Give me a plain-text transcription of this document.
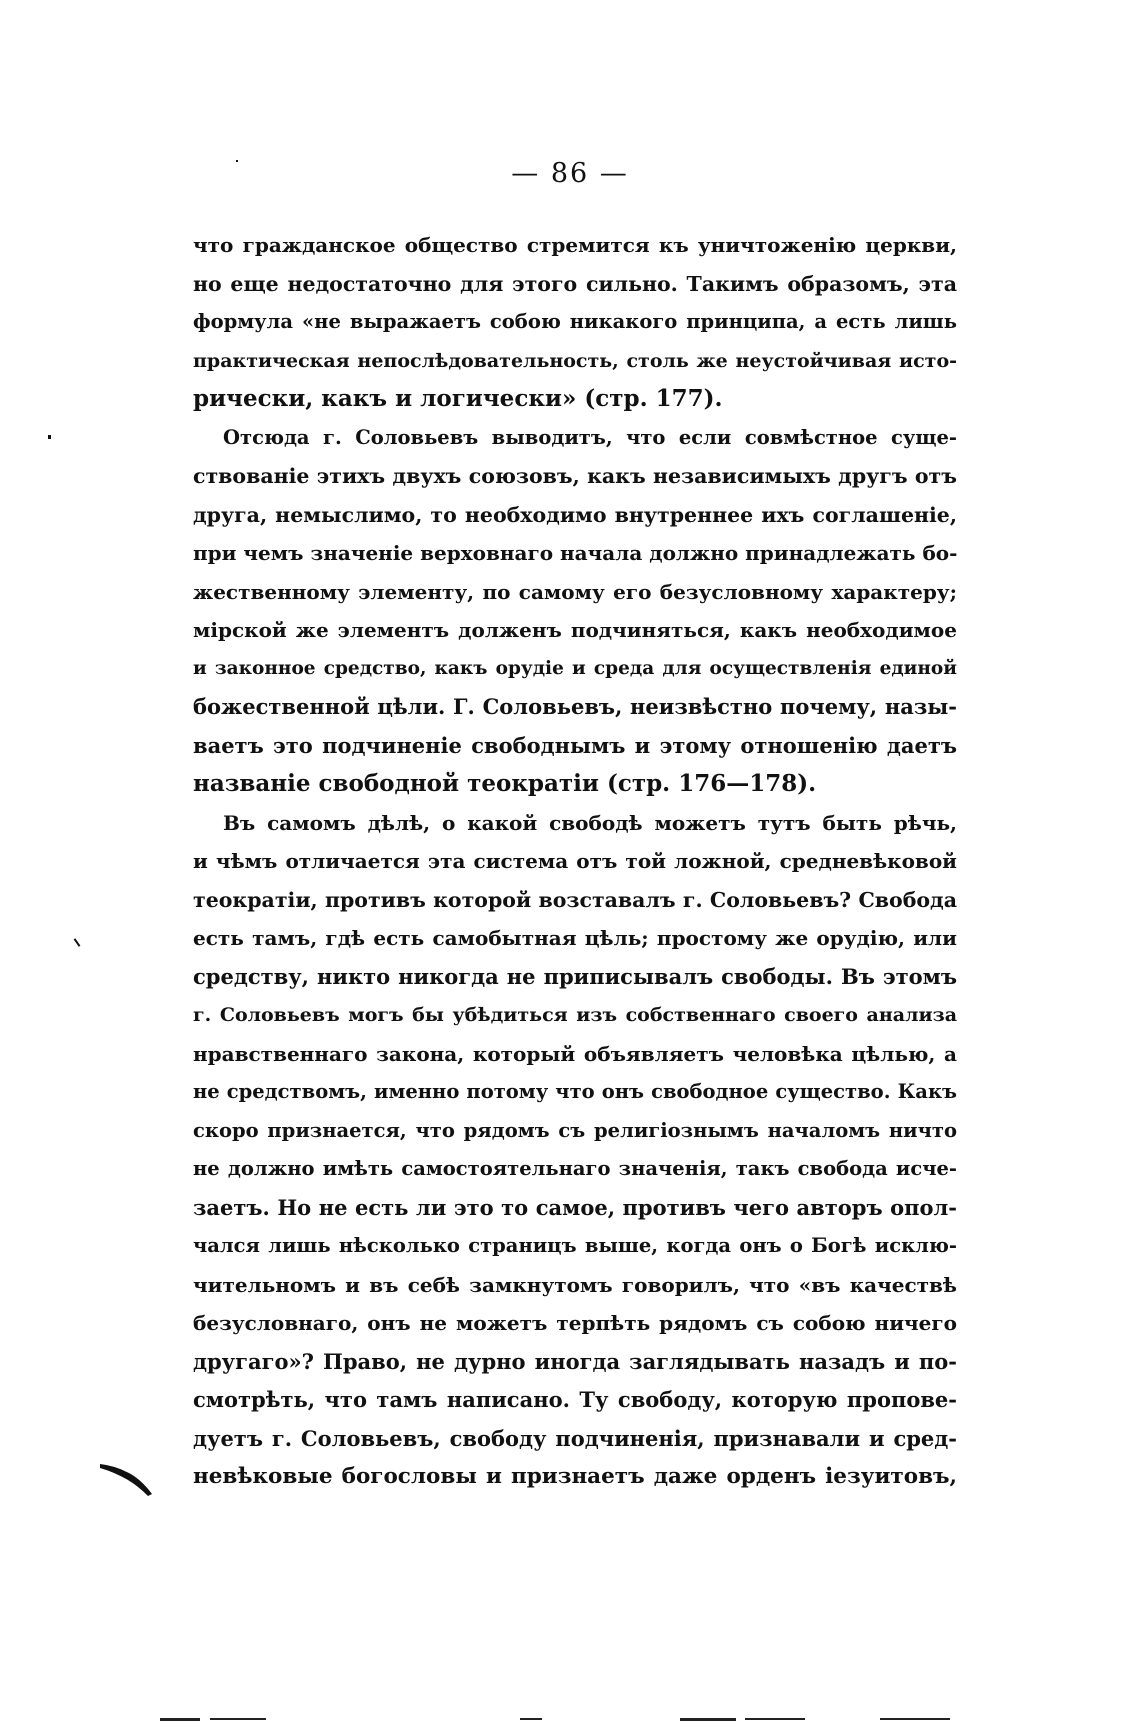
— 86 —
что гражданское общество стремится къ уничтоженію церкви,
но еще недостаточно для этого сильно. Такимъ образомъ, эта
формула «не выражаетъ собою никакого принципа, а есть лишь
практическая непослѣдовательность, столь же неустойчивая исто-
рически, какъ и логически» (стр. 177).
Отсюда г. Соловьевъ выводитъ, что если совмѣстное суще-
ствованіе этихъ двухъ союзовъ, какъ независимыхъ другъ отъ
друга, немыслимо, то необходимо внутреннее ихъ соглашеніе,
при чемъ значеніе верховнаго начала должно принадлежать бо-
жественному элементу, по самому его безусловному характеру;
мірской же элементъ долженъ подчиняться, какъ необходимое
и законное средство, какъ орудіе и среда для осуществленія единой
божественной цѣли. Г. Соловьевъ, неизвѣстно почему, назы-
ваетъ это подчиненіе свободнымъ и этому отношенію даетъ
названіе свободной теократіи (стр. 176—178).
Въ самомъ дѣлѣ, о какой свободѣ можетъ тутъ быть рѣчь,
и чѣмъ отличается эта система отъ той ложной, средневѣковой
теократіи, противъ которой возставалъ г. Соловьевъ? Свобода
есть тамъ, гдѣ есть самобытная цѣль; простому же орудію, или
средству, никто никогда не приписывалъ свободы. Въ этомъ
г. Соловьевъ могъ бы убѣдиться изъ собственнаго своего анализа
нравственнаго закона, который объявляетъ человѣка цѣлью, а
не средствомъ, именно потому что онъ свободное существо. Какъ
скоро признается, что рядомъ съ религіознымъ началомъ ничто
не должно имѣть самостоятельнаго значенія, такъ свобода исче-
заетъ. Но не есть ли это то самое, противъ чего авторъ опол-
чался лишь нѣсколько страницъ выше, когда онъ о Богѣ исклю-
чительномъ и въ себѣ замкнутомъ говорилъ, что «въ качествѣ
безусловнаго, онъ не можетъ терпѣть рядомъ съ собою ничего
другаго»? Право, не дурно иногда заглядывать назадъ и по-
смотрѣть, что тамъ написано. Ту свободу, которую пропове-
дуетъ г. Соловьевъ, свободу подчиненія, признавали и сред-
невѣковые богословы и признаетъ даже орденъ іезуитовъ,
